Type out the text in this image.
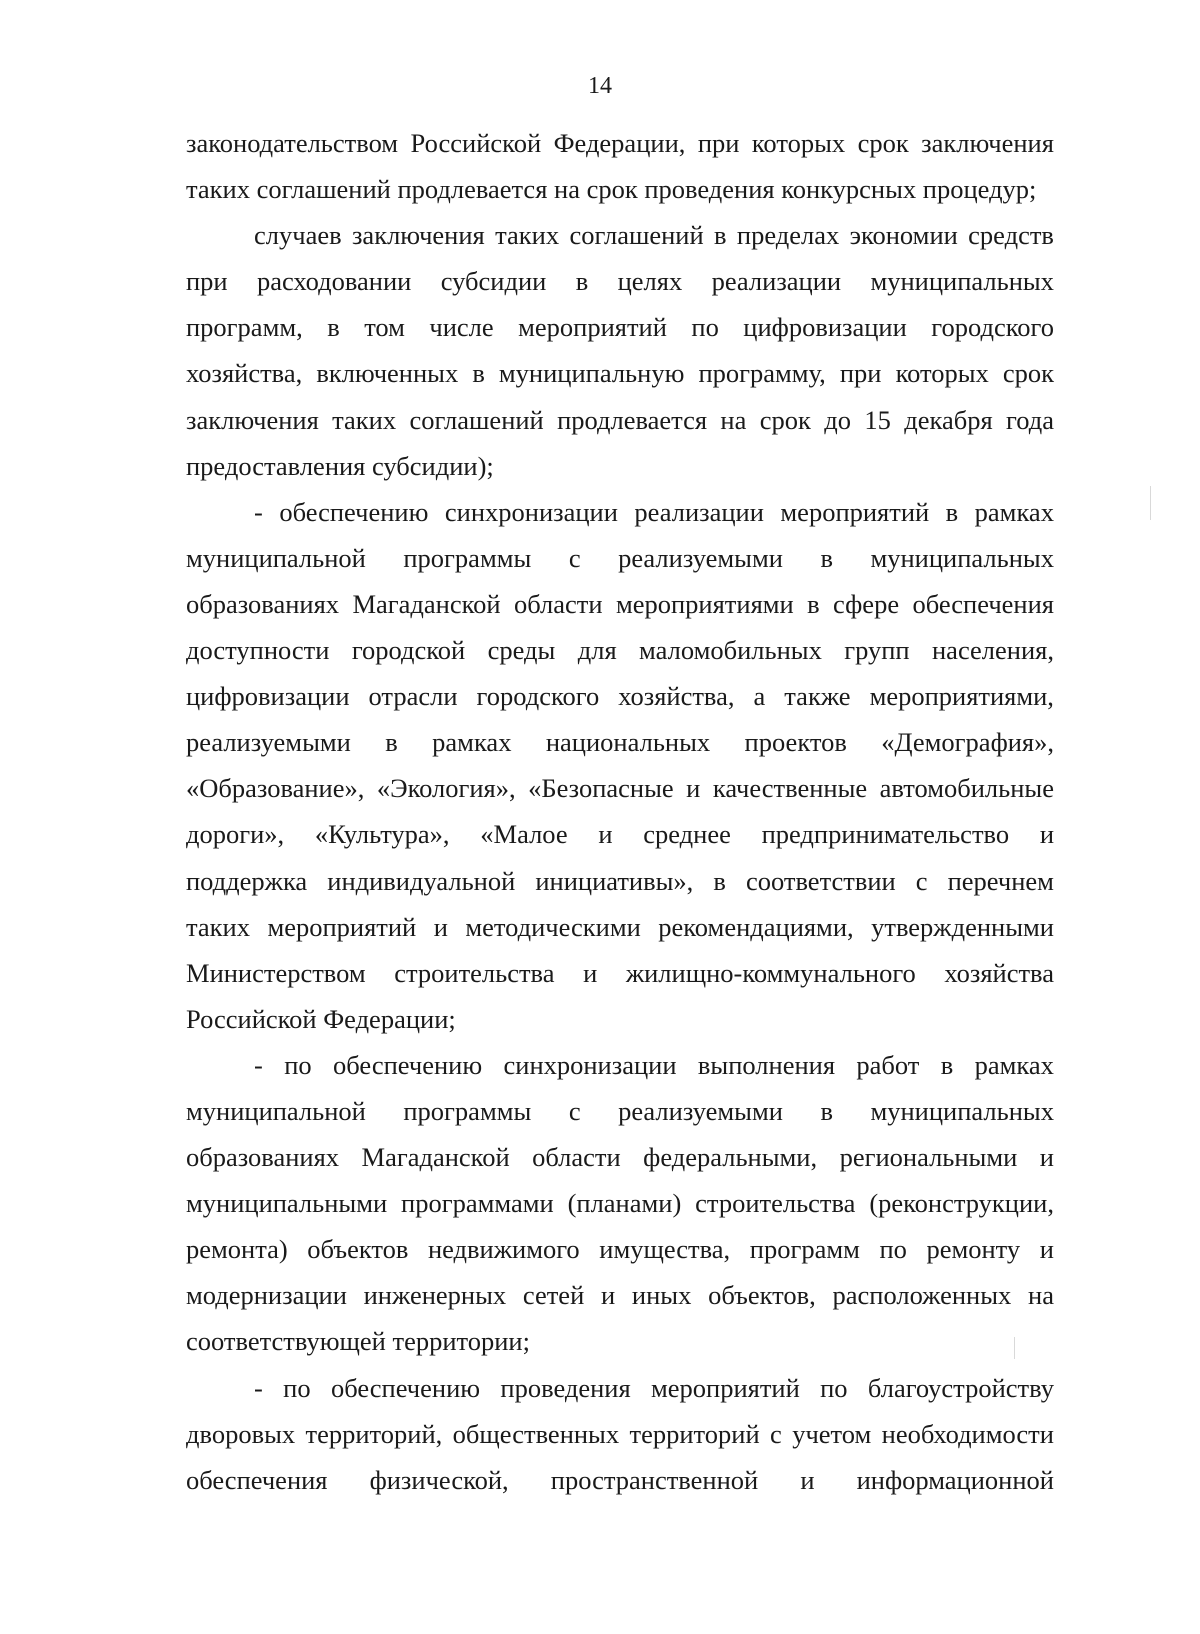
14
законодательством Российской Федерации, при которых срок заключения
таких соглашений продлевается на срок проведения конкурсных процедур;
случаев заключения таких соглашений в пределах экономии средств
при расходовании субсидии в целях реализации муниципальных
программ, в том числе мероприятий по цифровизации городского
хозяйства, включенных в муниципальную программу, при которых срок
заключения таких соглашений продлевается на срок до 15 декабря года
предоставления субсидии);
- обеспечению синхронизации реализации мероприятий в рамках
муниципальной программы с реализуемыми в муниципальных
образованиях Магаданской области мероприятиями в сфере обеспечения
доступности городской среды для маломобильных групп населения,
цифровизации отрасли городского хозяйства, а также мероприятиями,
реализуемыми в рамках национальных проектов «Демография»,
«Образование», «Экология», «Безопасные и качественные автомобильные
дороги», «Культура», «Малое и среднее предпринимательство и
поддержка индивидуальной инициативы», в соответствии с перечнем
таких мероприятий и методическими рекомендациями, утвержденными
Министерством строительства и жилищно-коммунального хозяйства
Российской Федерации;
- по обеспечению синхронизации выполнения работ в рамках
муниципальной программы с реализуемыми в муниципальных
образованиях Магаданской области федеральными, региональными и
муниципальными программами (планами) строительства (реконструкции,
ремонта) объектов недвижимого имущества, программ по ремонту и
модернизации инженерных сетей и иных объектов, расположенных на
соответствующей территории;
- по обеспечению проведения мероприятий по благоустройству
дворовых территорий, общественных территорий с учетом необходимости
обеспечения физической, пространственной и информационной
